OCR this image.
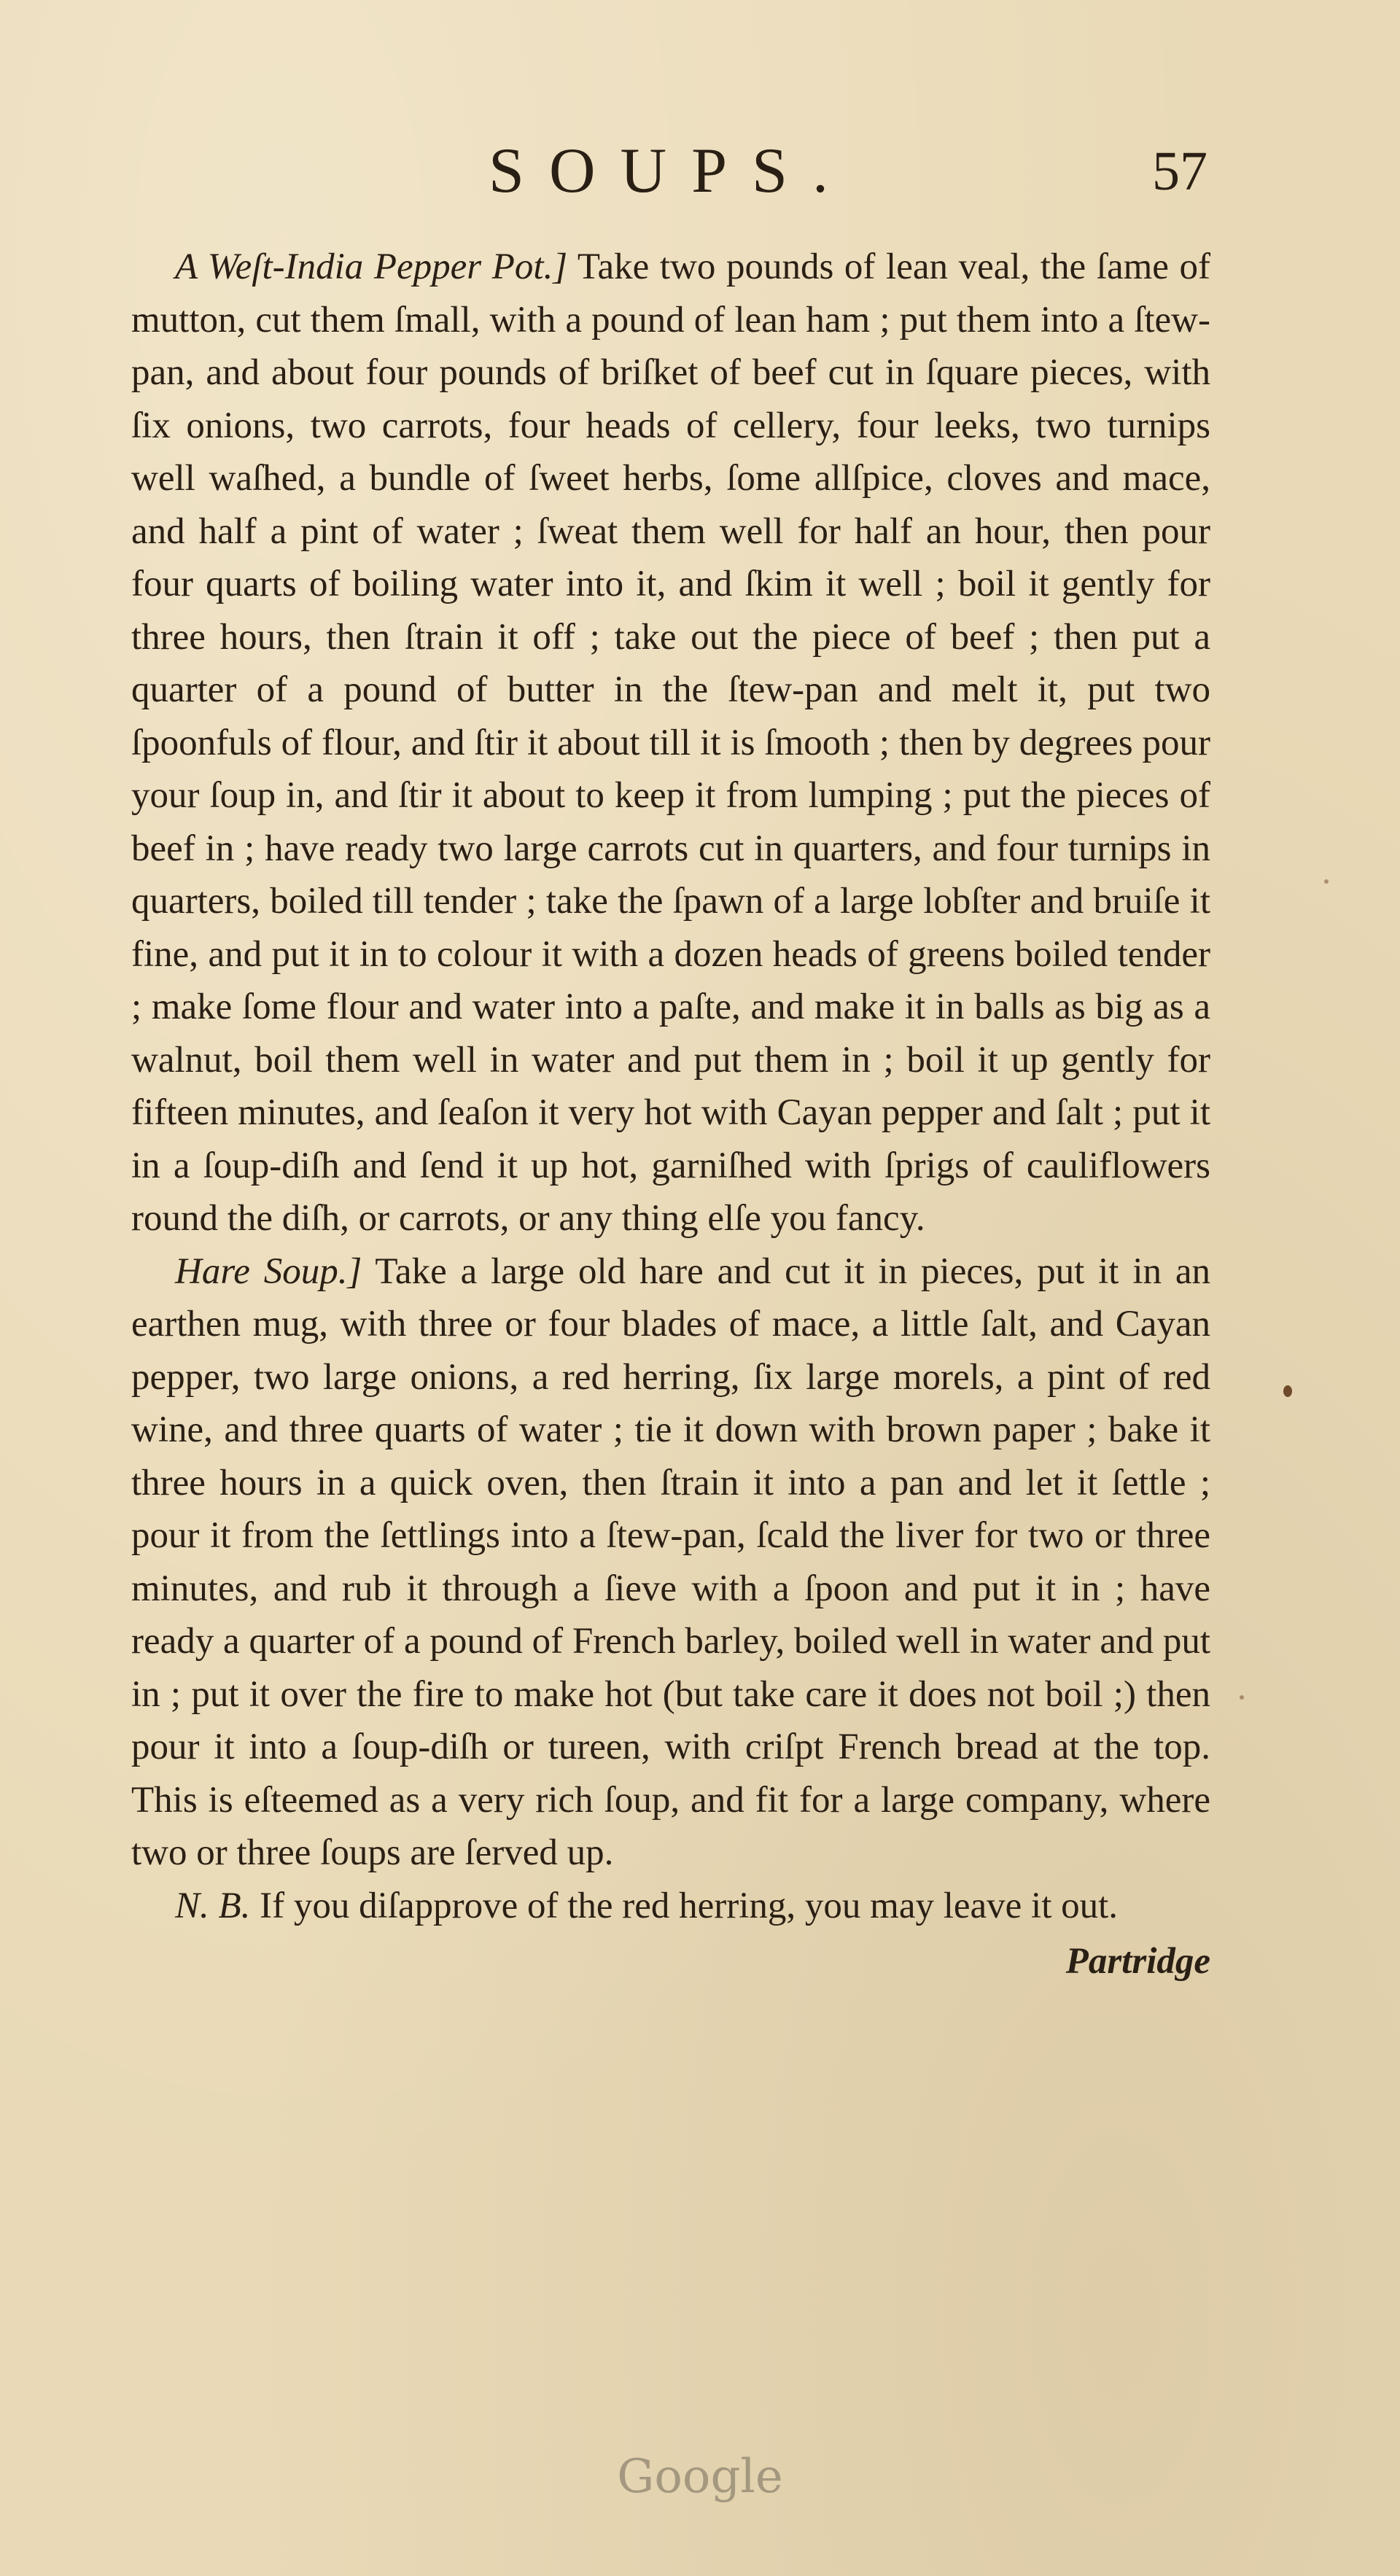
SOUPS.	57

A Weſt-India Pepper Pot.] Take two pounds of lean veal, the ſame of mutton, cut them ſmall, with a pound of lean ham ; put them into a ſtew-pan, and about four pounds of briſket of beef cut in ſquare pieces, with ſix onions, two carrots, four heads of cellery, four leeks, two turnips well waſhed, a bundle of ſweet herbs, ſome allſpice, cloves and mace, and half a pint of water ; ſweat them well for half an hour, then pour four quarts of boiling water into it, and ſkim it well ; boil it gently for three hours, then ſtrain it off ; take out the piece of beef ; then put a quarter of a pound of butter in the ſtew-pan and melt it, put two ſpoonfuls of flour, and ſtir it about till it is ſmooth ; then by degrees pour your ſoup in, and ſtir it about to keep it from lumping ; put the pieces of beef in ; have ready two large carrots cut in quarters, and four turnips in quarters, boiled till tender ; take the ſpawn of a large lobſter and bruiſe it fine, and put it in to colour it with a dozen heads of greens boiled tender ; make ſome flour and water into a paſte, and make it in balls as big as a walnut, boil them well in water and put them in ; boil it up gently for fifteen minutes, and ſeaſon it very hot with Cayan pepper and ſalt ; put it in a ſoup-diſh and ſend it up hot, garniſhed with ſprigs of cauliflowers round the diſh, or carrots, or any thing elſe you fancy.

Hare Soup.] Take a large old hare and cut it in pieces, put it in an earthen mug, with three or four blades of mace, a little ſalt, and Cayan pepper, two large onions, a red herring, ſix large morels, a pint of red wine, and three quarts of water ; tie it down with brown paper ; bake it three hours in a quick oven, then ſtrain it into a pan and let it ſettle ; pour it from the ſettlings into a ſtew-pan, ſcald the liver for two or three minutes, and rub it through a ſieve with a ſpoon and put it in ; have ready a quarter of a pound of French barley, boiled well in water and put in ; put it over the fire to make hot (but take care it does not boil ;) then pour it into a ſoup-diſh or tureen, with criſpt French bread at the top. This is eſteemed as a very rich ſoup, and fit for a large company, where two or three ſoups are ſerved up.

N. B. If you diſapprove of the red herring, you may leave it out.

Partridge
Google
